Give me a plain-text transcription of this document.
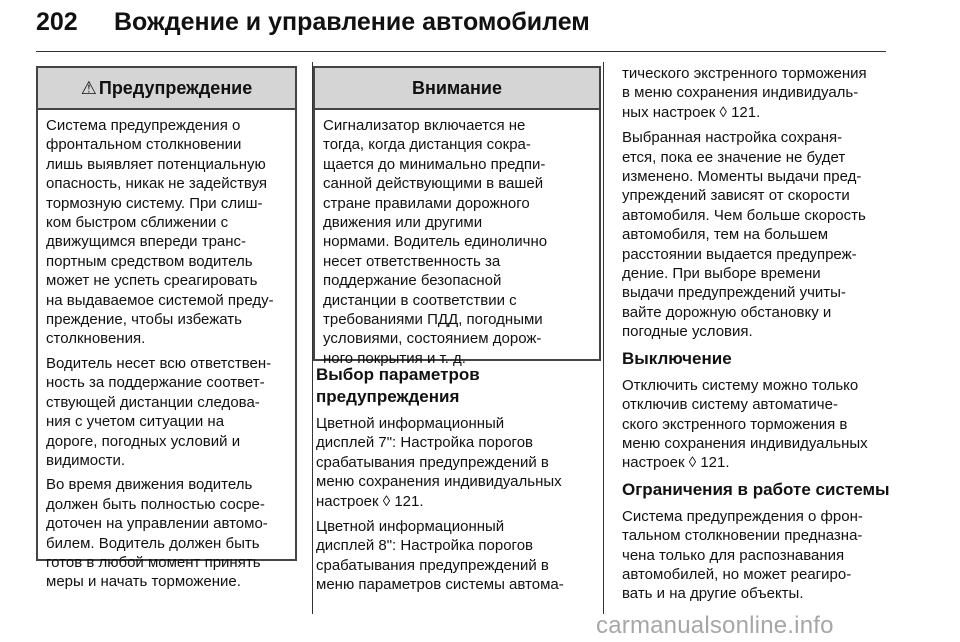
202 Вождение и управление автомобилем
⚠ Предупреждение

Система предупреждения о
фронтальном столкновении
лишь выявляет потенциальную
опасность, никак не задействуя
тормозную систему. При слиш-
ком быстром сближении с
движущимся впереди транс-
портным средством водитель
может не успеть среагировать
на выдаваемое системой преду-
преждение, чтобы избежать
столкновения.

Водитель несет всю ответствен-
ность за поддержание соответ-
ствующей дистанции следова-
ния с учетом ситуации на
дороге, погодных условий и
видимости.

Во время движения водитель
должен быть полностью сосре-
доточен на управлении автомо-
билем. Водитель должен быть
готов в любой момент принять
меры и начать торможение.

Внимание

Сигнализатор включается не
тогда, когда дистанция сокра-
щается до минимально предпи-
санной действующими в вашей
стране правилами дорожного
движения или другими
нормами. Водитель единолично
несет ответственность за
поддержание безопасной
дистанции в соответствии с
требованиями ПДД, погодными
условиями, состоянием дорож-
ного покрытия и т. д.

Выбор параметров
предупреждения

Цветной информационный
дисплей 7": Настройка порогов
срабатывания предупреждений в
меню сохранения индивидуальных
настроек ◊ 121.

Цветной информационный
дисплей 8": Настройка порогов
срабатывания предупреждений в
меню параметров системы автома-

тического экстренного торможения
в меню сохранения индивидуаль-
ных настроек ◊ 121.

Выбранная настройка сохраня-
ется, пока ее значение не будет
изменено. Моменты выдачи пред-
упреждений зависят от скорости
автомобиля. Чем больше скорость
автомобиля, тем на большем
расстоянии выдается предупреж-
дение. При выборе времени
выдачи предупреждений учиты-
вайте дорожную обстановку и
погодные условия.

Выключение

Отключить систему можно только
отключив систему автоматиче-
ского экстренного торможения в
меню сохранения индивидуальных
настроек ◊ 121.

Ограничения в работе системы

Система предупреждения о фрон-
тальном столкновении предназна-
чена только для распознавания
автомобилей, но может реагиро-
вать и на другие объекты.

carmanualsonline.info
